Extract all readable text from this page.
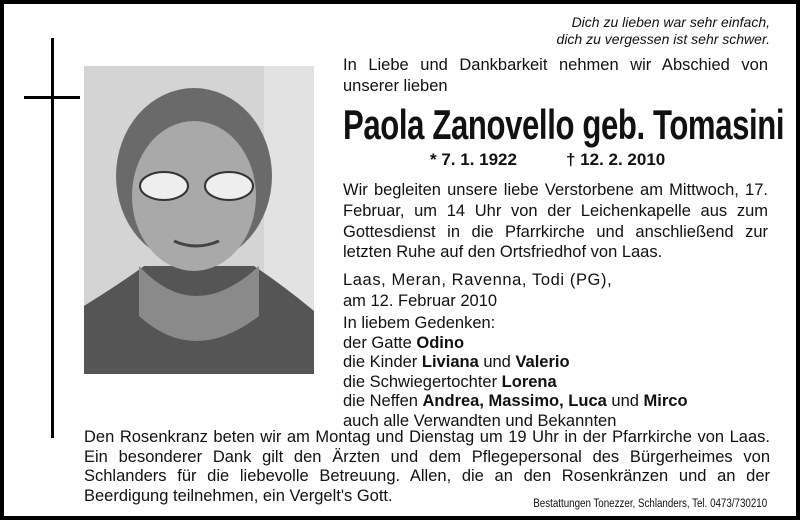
Dich zu lieben war sehr einfach,
dich zu vergessen ist sehr schwer.
In Liebe und Dankbarkeit nehmen wir Abschied von unserer lieben
Paola Zanovello geb. Tomasini
* 7. 1. 1922	† 12. 2. 2010
Wir begleiten unsere liebe Verstorbene am Mittwoch, 17. Februar, um 14 Uhr von der Leichenkapelle aus zum Gottesdienst in die Pfarrkirche und anschließend zur letzten Ruhe auf den Ortsfriedhof von Laas.
Laas, Meran, Ravenna, Todi (PG),
am 12. Februar 2010
In liebem Gedenken:
der Gatte Odino
die Kinder Liviana und Valerio
die Schwiegertochter Lorena
die Neffen Andrea, Massimo, Luca und Mirco
auch alle Verwandten und Bekannten
Den Rosenkranz beten wir am Montag und Dienstag um 19 Uhr in der Pfarrkirche von Laas. Ein besonderer Dank gilt den Ärzten und dem Pflegepersonal des Bürgerheimes von Schlanders für die liebevolle Betreuung. Allen, die an den Rosenkränzen und an der Beerdigung teilnehmen, ein Vergelt's Gott.	Bestattungen Tonezzer, Schlanders, Tel. 0473/730210
